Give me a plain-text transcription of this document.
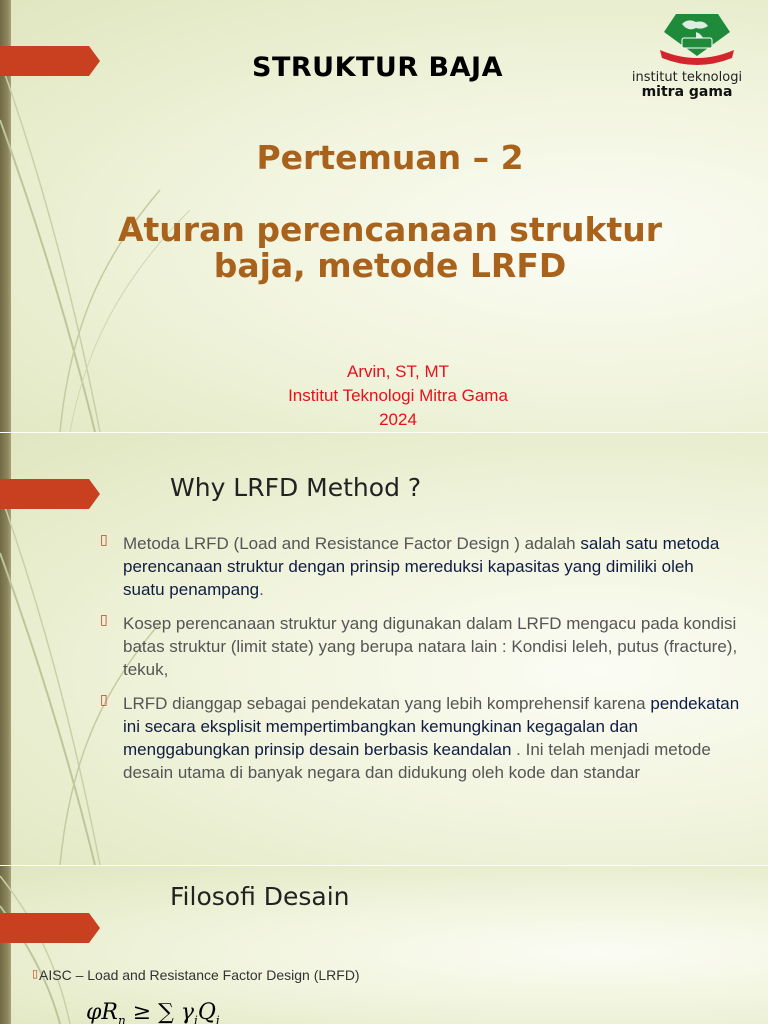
STRUKTUR BAJA	institut teknologi
mitra gama
Pertemuan – 2
Aturan perencanaan struktur baja, metode LRFD
Arvin, ST, MT
Institut Teknologi Mitra Gama
2024
Why LRFD Method ?
▯ Metoda LRFD (Load and Resistance Factor Design ) adalah salah satu metoda perencanaan struktur dengan prinsip mereduksi kapasitas yang dimiliki oleh suatu penampang.
▯ Kosep perencanaan struktur yang digunakan dalam LRFD mengacu pada kondisi batas struktur (limit state) yang berupa natara lain : Kondisi leleh, putus (fracture), tekuk,
▯ LRFD dianggap sebagai pendekatan yang lebih komprehensif karena pendekatan ini secara eksplisit mempertimbangkan kemungkinan kegagalan dan menggabungkan prinsip desain berbasis keandalan . Ini telah menjadi metode desain utama di banyak negara dan didukung oleh kode dan standar
Filosofi Desain
▯ AISC – Load and Resistance Factor Design (LRFD)
$\varphi R_n$ ≥ ∑ $\gamma_iQ_i$
